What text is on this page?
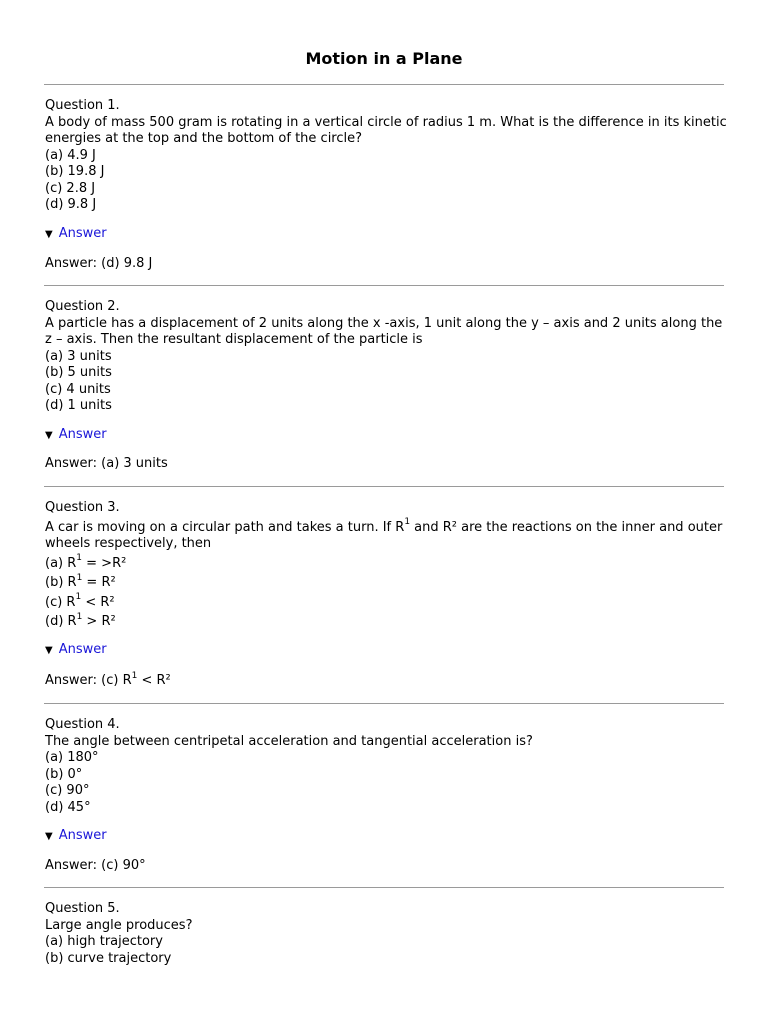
Motion in a Plane

Question 1.

A body of mass 500 gram is rotating in a vertical circle of radius 1 m. What is the difference in its kinetic energies at the top and the bottom of the circle?

(a) 4.9 J

(b) 19.8 J

(c) 2.8 J

(d) 9.8 J

▼ Answer
Answer: (d) 9.8 J

Question 2.

A particle has a displacement of 2 units along the x -axis, 1 unit along the y – axis and 2 units along the z – axis. Then the resultant displacement of the particle is

(a) 3 units

(b) 5 units

(c) 4 units

(d) 1 units

▼ Answer
Answer: (a) 3 units

Question 3.

A car is moving on a circular path and takes a turn. If $R^1$ and R² are the reactions on the inner and outer wheels respectively, then

(a) $R^1 = >R^2$

(b) $R^1 = R^2$

(c) $R^1 < R^2$

(d) $R^1 > R^2$

▼ Answer
Answer: (c) $R^1 < R^2$

Question 4.

The angle between centripetal acceleration and tangential acceleration is?

(a) 180°

(b) 0°

(c) 90°

(d) 45°

▼ Answer
Answer: (c) 90°

Question 5.

Large angle produces?

(a) high trajectory

(b) curve trajectory
